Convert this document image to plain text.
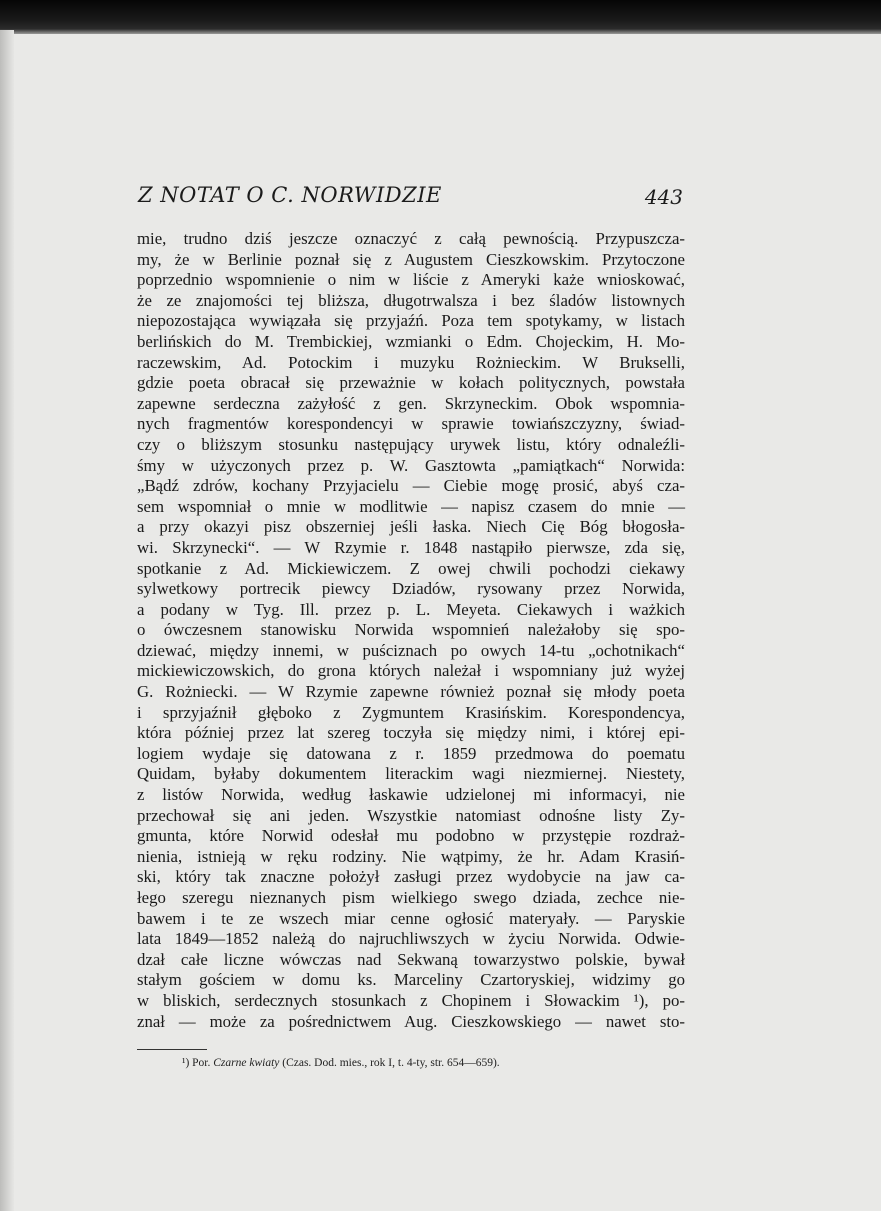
Z NOTAT O C. NORWIDZIE	443
mie, trudno dziś jeszcze oznaczyć z całą pewnością. Przypuszcza-
my, że w Berlinie poznał się z Augustem Cieszkowskim. Przytoczone
poprzednio wspomnienie o nim w liście z Ameryki każe wnioskować,
że ze znajomości tej bliższa, długotrwalsza i bez śladów listownych
niepozostająca wywiązała się przyjaźń. Poza tem spotykamy, w listach
berlińskich do M. Trembickiej, wzmianki o Edm. Chojeckim, H. Mo-
raczewskim, Ad. Potockim i muzyku Rożnieckim. W Brukselli,
gdzie poeta obracał się przeważnie w kołach politycznych, powstała
zapewne serdeczna zażyłość z gen. Skrzyneckim. Obok wspomnia-
nych fragmentów korespondencyi w sprawie towiańszczyzny, świad-
czy o bliższym stosunku następujący urywek listu, który odnaleźli-
śmy w użyczonych przez p. W. Gasztowta „pamiątkach“ Norwida:
„Bądź zdrów, kochany Przyjacielu — Ciebie mogę prosić, abyś cza-
sem wspomniał o mnie w modlitwie — napisz czasem do mnie —
a przy okazyi pisz obszerniej jeśli łaska. Niech Cię Bóg błogosła-
wi. Skrzynecki“. — W Rzymie r. 1848 nastąpiło pierwsze, zda się,
spotkanie z Ad. Mickiewiczem. Z owej chwili pochodzi ciekawy
sylwetkowy portrecik piewcy Dziadów, rysowany przez Norwida,
a podany w Tyg. Ill. przez p. L. Meyeta. Ciekawych i ważkich
o ówczesnem stanowisku Norwida wspomnień należałoby się spo-
dziewać, między innemi, w puściznach po owych 14-tu „ochotnikach“
mickiewiczowskich, do grona których należał i wspomniany już wyżej
G. Rożniecki. — W Rzymie zapewne również poznał się młody poeta
i sprzyjaźnił głęboko z Zygmuntem Krasińskim. Korespondencya,
która później przez lat szereg toczyła się między nimi, i której epi-
logiem wydaje się datowana z r. 1859 przedmowa do poematu
Quidam, byłaby dokumentem literackim wagi niezmiernej. Niestety,
z listów Norwida, według łaskawie udzielonej mi informacyi, nie
przechował się ani jeden. Wszystkie natomiast odnośne listy Zy-
gmunta, które Norwid odesłał mu podobno w przystępie rozdraż-
nienia, istnieją w ręku rodziny. Nie wątpimy, że hr. Adam Krasiń-
ski, który tak znaczne położył zasługi przez wydobycie na jaw ca-
łego szeregu nieznanych pism wielkiego swego dziada, zechce nie-
bawem i te ze wszech miar cenne ogłosić materyały. — Paryskie
lata 1849—1852 należą do najruchliwszych w życiu Norwida. Odwie-
dzał całe liczne wówczas nad Sekwaną towarzystwo polskie, bywał
stałym gościem w domu ks. Marceliny Czartoryskiej, widzimy go
w bliskich, serdecznych stosunkach z Chopinem i Słowackim ¹), po-
znał — może za pośrednictwem Aug. Cieszkowskiego — nawet sto-
¹) Por. Czarne kwiaty (Czas. Dod. mies., rok I, t. 4-ty, str. 654—659).
